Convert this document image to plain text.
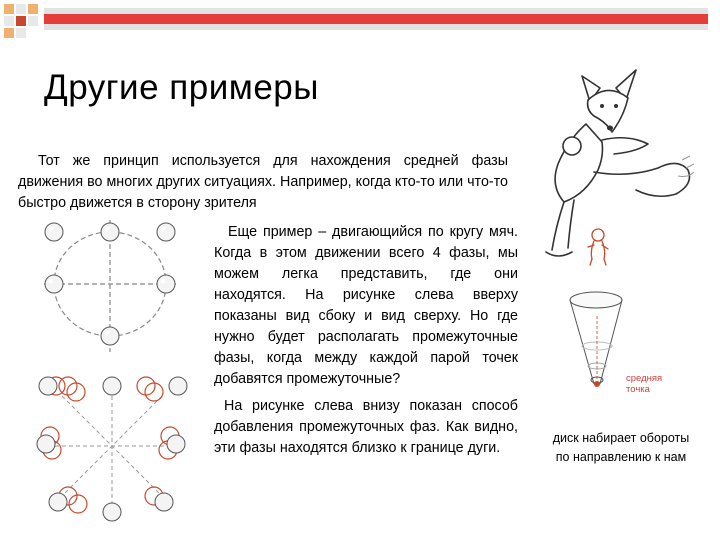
Другие примеры

Тот же принцип используется для нахождения средней фазы движения во многих других ситуациях. Например, когда кто-то или что-то быстро движется в сторону зрителя

Еще пример – двигающийся по кругу мяч. Когда в этом движении всего 4 фазы, мы можем легка представить, где они находятся. На рисунке слева вверху показаны вид сбоку и вид сверху. Но где нужно будет располагать промежуточные фазы, когда между каждой парой точек добавятся промежуточные?

На рисунке слева внизу показан способ добавления промежуточных фаз. Как видно, эти фазы находятся близко к границе дуги.

средняя точка

диск набирает обороты по направлению к нам
